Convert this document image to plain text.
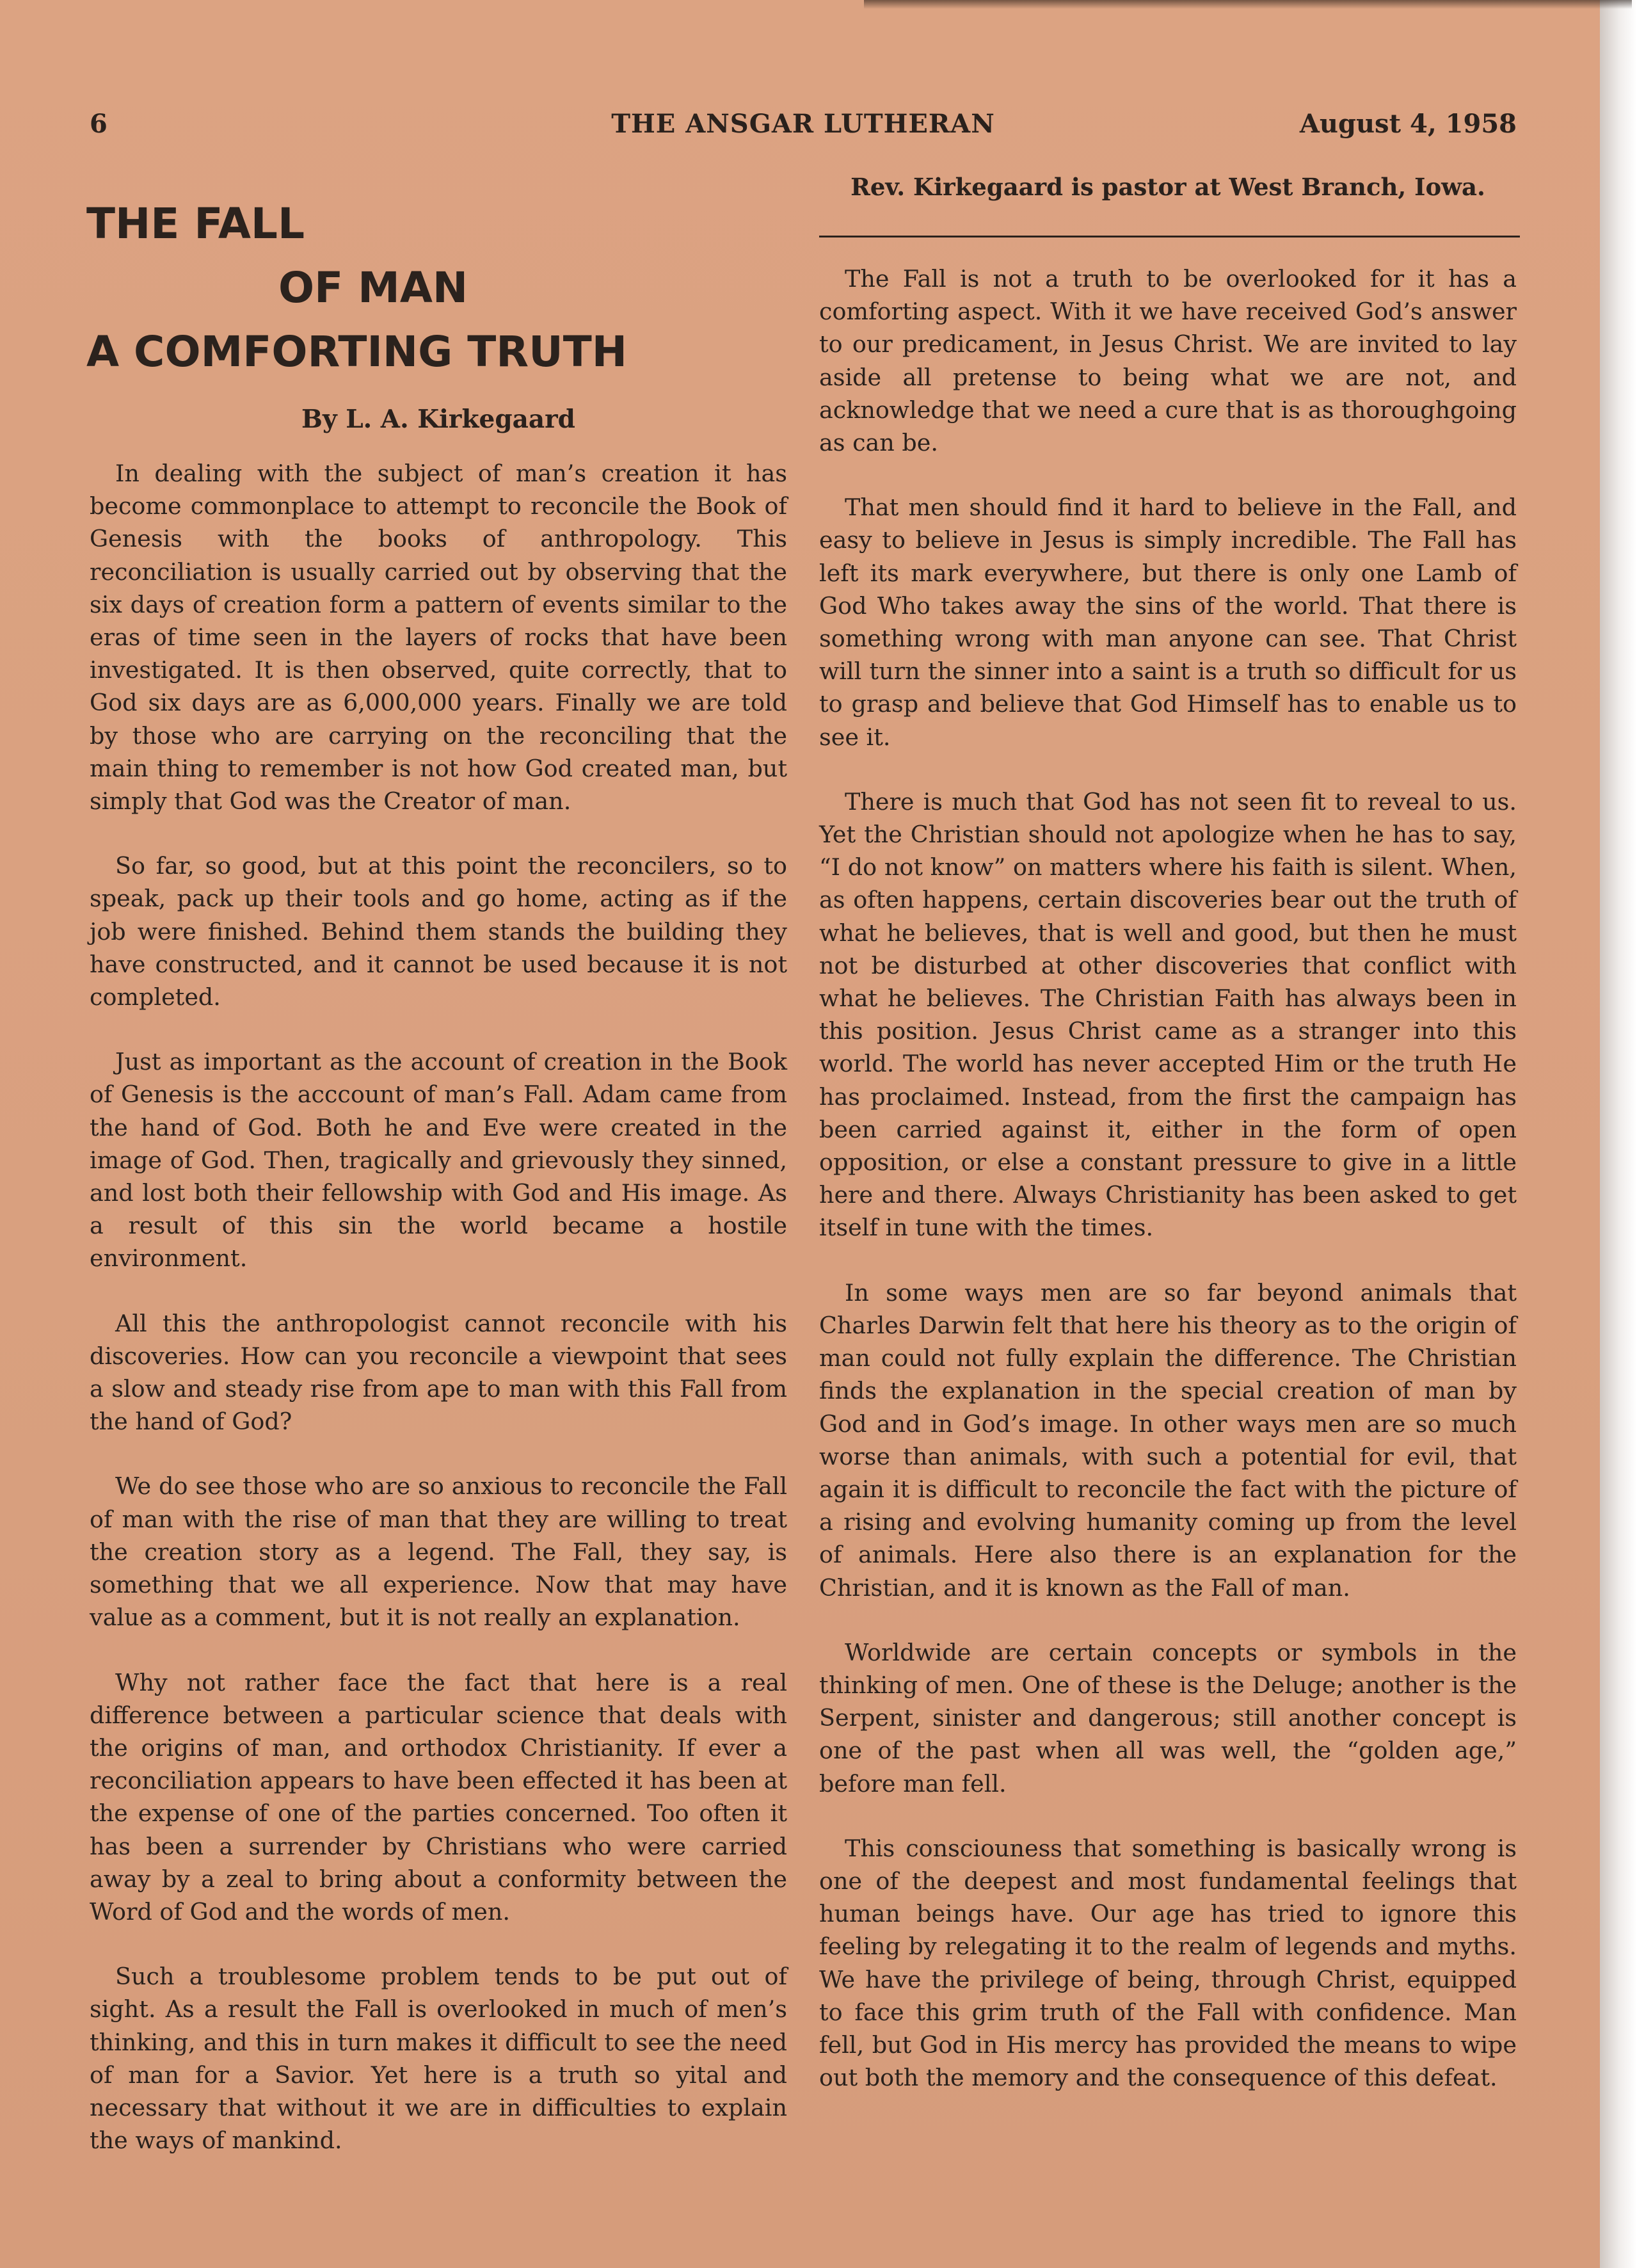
THE ANSGAR LUTHERAN
6	August 4, 1958
THE FALL
OF MAN
A COMFORTING TRUTH
By L. A. Kirkegaard
Rev. Kirkegaard is pastor at West Branch, Iowa.

In dealing with the subject of man’s creation it has become commonplace to attempt to reconcile the Book of Genesis with the books of anthropology. This reconciliation is usually carried out by observing that the six days of creation form a pattern of events similar to the eras of time seen in the layers of rocks that have been investigated. It is then observed, quite correctly, that to God six days are as 6,000,000 years. Finally we are told by those who are carrying on the reconciling that the main thing to remember is not how God created man, but simply that God was the Creator of man.

So far, so good, but at this point the reconcilers, so to speak, pack up their tools and go home, acting as if the job were finished. Behind them stands the building they have constructed, and it cannot be used because it is not completed.

Just as important as the account of creation in the Book of Genesis is the acccount of man’s Fall. Adam came from the hand of God. Both he and Eve were created in the image of God. Then, tragically and grievously they sinned, and lost both their fellowship with God and His image. As a result of this sin the world became a hostile environment.

All this the anthropologist cannot reconcile with his discoveries. How can you reconcile a viewpoint that sees a slow and steady rise from ape to man with this Fall from the hand of God?

We do see those who are so anxious to reconcile the Fall of man with the rise of man that they are willing to treat the creation story as a legend. The Fall, they say, is something that we all experience. Now that may have value as a comment, but it is not really an explanation.

Why not rather face the fact that here is a real difference between a particular science that deals with the origins of man, and orthodox Christianity. If ever a reconciliation appears to have been effected it has been at the expense of one of the parties concerned. Too often it has been a surrender by Christians who were carried away by a zeal to bring about a conformity between the Word of God and the words of men.

Such a troublesome problem tends to be put out of sight. As a result the Fall is overlooked in much of men’s thinking, and this in turn makes it difficult to see the need of man for a Savior. Yet here is a truth so yital and necessary that without it we are in difficulties to explain the ways of mankind.

The Fall is not a truth to be overlooked for it has a comforting aspect. With it we have received God’s answer to our predicament, in Jesus Christ. We are invited to lay aside all pretense to being what we are not, and acknowledge that we need a cure that is as thoroughgoing as can be.

That men should find it hard to believe in the Fall, and easy to believe in Jesus is simply incredible. The Fall has left its mark everywhere, but there is only one Lamb of God Who takes away the sins of the world. That there is something wrong with man anyone can see. That Christ will turn the sinner into a saint is a truth so difficult for us to grasp and believe that God Himself has to enable us to see it.

There is much that God has not seen fit to reveal to us. Yet the Christian should not apologize when he has to say, “I do not know” on matters where his faith is silent. When, as often happens, certain discoveries bear out the truth of what he believes, that is well and good, but then he must not be disturbed at other discoveries that conflict with what he believes. The Christian Faith has always been in this position. Jesus Christ came as a stranger into this world. The world has never accepted Him or the truth He has proclaimed. Instead, from the first the campaign has been carried against it, either in the form of open opposition, or else a constant pressure to give in a little here and there. Always Christianity has been asked to get itself in tune with the times.

In some ways men are so far beyond animals that Charles Darwin felt that here his theory as to the origin of man could not fully explain the difference. The Christian finds the explanation in the special creation of man by God and in God’s image. In other ways men are so much worse than animals, with such a potential for evil, that again it is difficult to reconcile the fact with the picture of a rising and evolving humanity coming up from the level of animals. Here also there is an explanation for the Christian, and it is known as the Fall of man.

Worldwide are certain concepts or symbols in the thinking of men. One of these is the Deluge; another is the Serpent, sinister and dangerous; still another concept is one of the past when all was well, the “golden age,” before man fell.

This consciouness that something is basically wrong is one of the deepest and most fundamental feelings that human beings have. Our age has tried to ignore this feeling by relegating it to the realm of legends and myths. We have the privilege of being, through Christ, equipped to face this grim truth of the Fall with confidence. Man fell, but God in His mercy has provided the means to wipe out both the memory and the consequence of this defeat.
